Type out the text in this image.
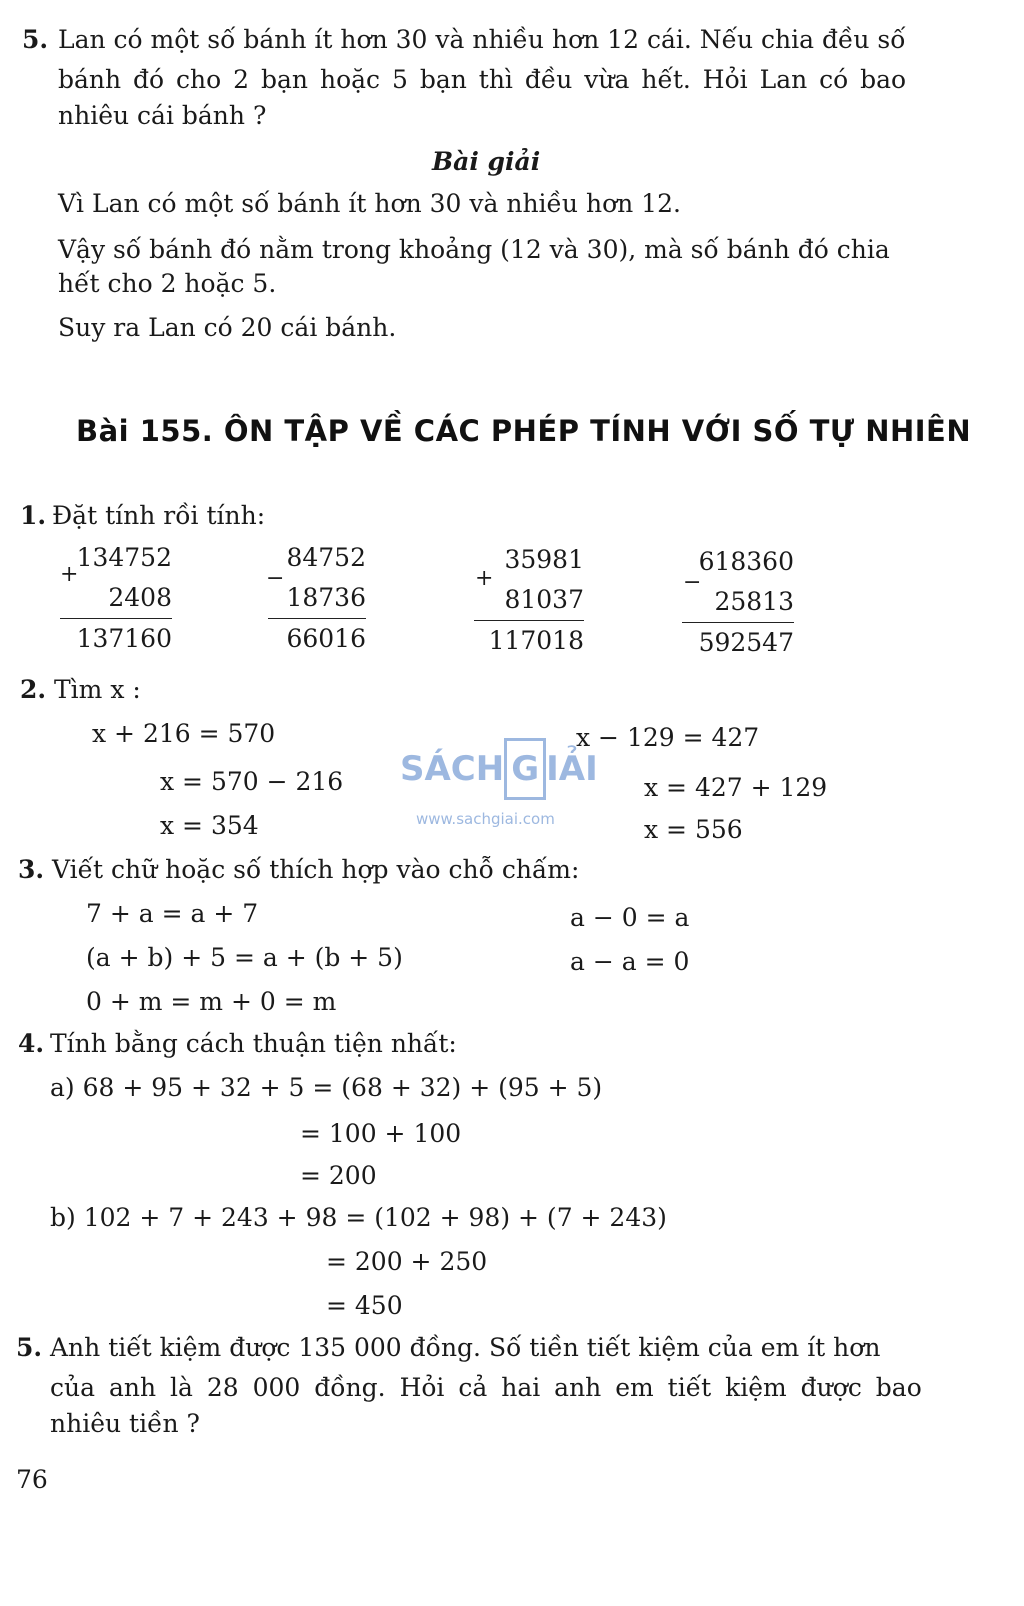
5. Lan có một số bánh ít hơn 30 và nhiều hơn 12 cái. Nếu chia đều số
bánh đó cho 2 bạn hoặc 5 bạn thì đều vừa hết. Hỏi Lan có bao
nhiêu cái bánh ?
Bài giải
Vì Lan có một số bánh ít hơn 30 và nhiều hơn 12.
Vậy số bánh đó nằm trong khoảng (12 và 30), mà số bánh đó chia
hết cho 2 hoặc 5.
Suy ra Lan có 20 cái bánh.
Bài 155. ÔN TẬP VỀ CÁC PHÉP TÍNH VỚI SỐ TỰ NHIÊN
1. Đặt tính rồi tính:
134752
2408
137160
+
84752
18736
66016
−
35981
81037
117018
+
618360
25813
592547
−
2. Tìm x :
x + 216 = 570
x = 570 − 216
x = 354
x − 129 = 427
x = 427 + 129
x = 556
SÁCH G IẢI
www.sachgiai.com
3. Viết chữ hoặc số thích hợp vào chỗ chấm:
7 + a = a + 7
(a + b) + 5 = a + (b + 5)
0 + m = m + 0 = m
a − 0 = a
a − a = 0
4. Tính bằng cách thuận tiện nhất:
a) 68 + 95 + 32 + 5 = (68 + 32) + (95 + 5)
= 100 + 100
= 200
b) 102 + 7 + 243 + 98 = (102 + 98) + (7 + 243)
= 200 + 250
= 450
5. Anh tiết kiệm được 135 000 đồng. Số tiền tiết kiệm của em ít hơn
của anh là 28 000 đồng. Hỏi cả hai anh em tiết kiệm được bao
nhiêu tiền ?
76
